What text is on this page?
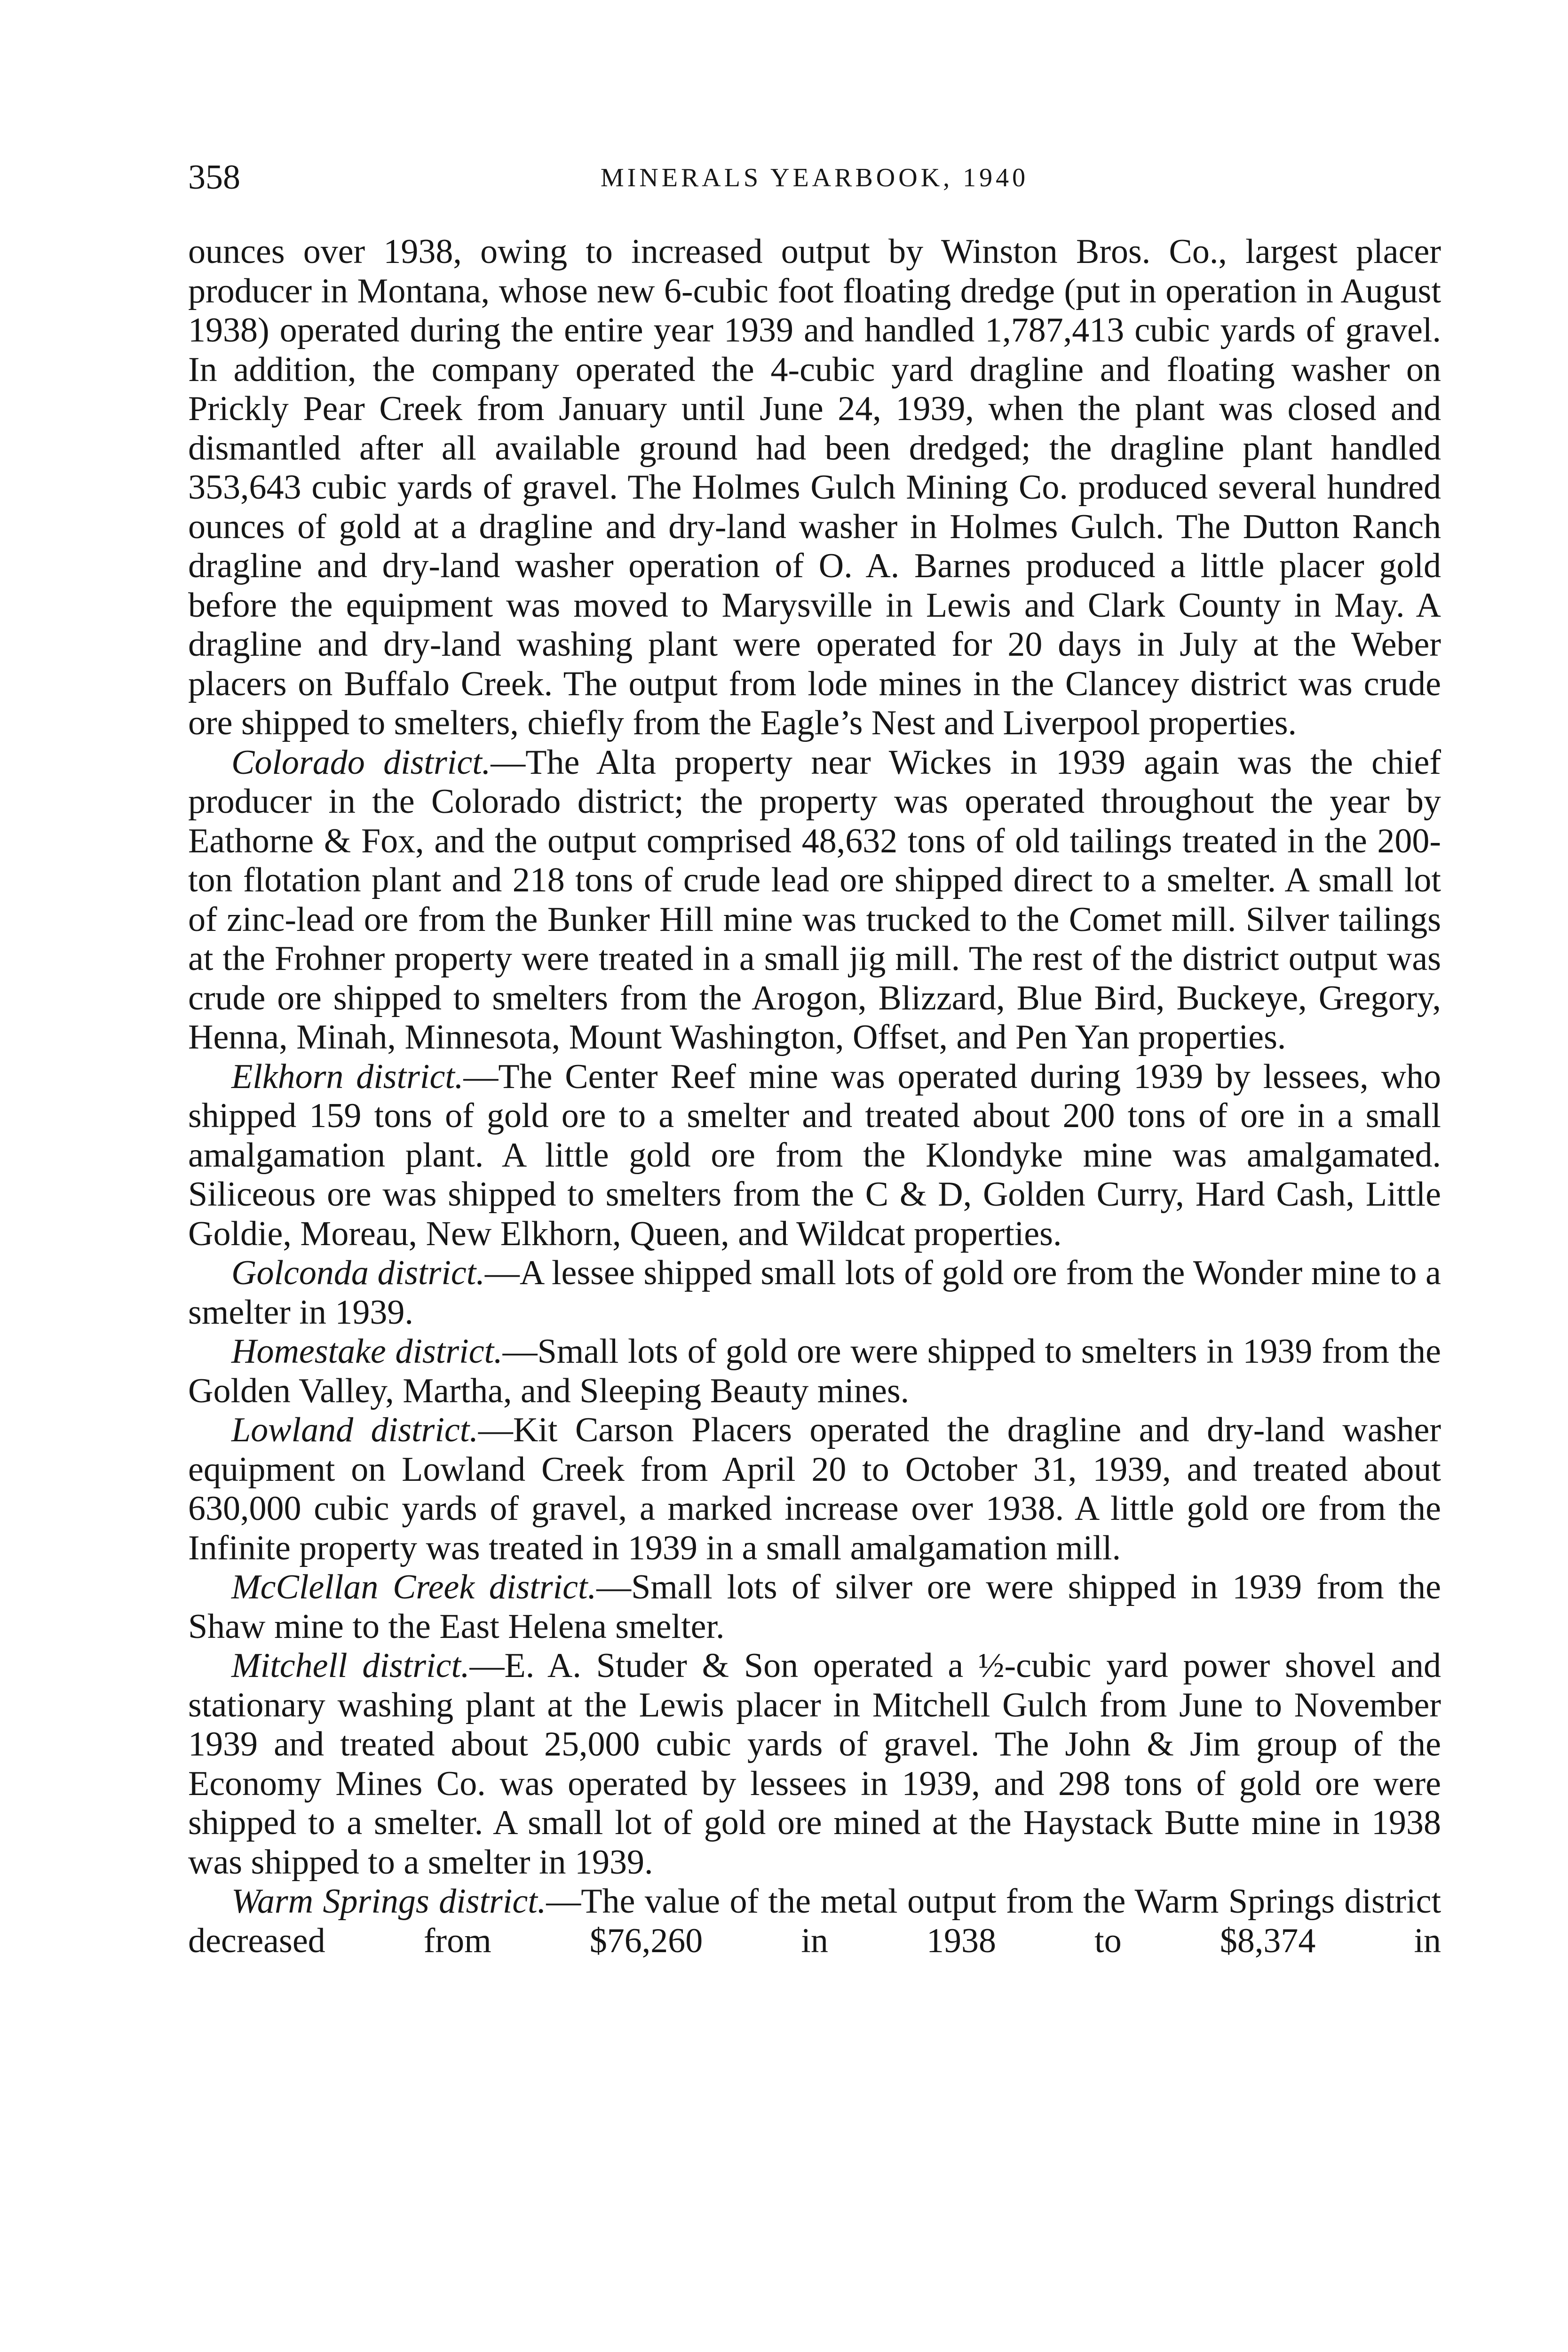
358	MINERALS YEARBOOK, 1940

ounces over 1938, owing to increased output by Winston Bros. Co., largest placer producer in Montana, whose new 6-cubic foot floating dredge (put in operation in August 1938) operated during the entire year 1939 and handled 1,787,413 cubic yards of gravel. In addition, the company operated the 4-cubic yard dragline and floating washer on Prickly Pear Creek from January until June 24, 1939, when the plant was closed and dismantled after all available ground had been dredged; the dragline plant handled 353,643 cubic yards of gravel. The Holmes Gulch Mining Co. produced several hundred ounces of gold at a dragline and dry-land washer in Holmes Gulch. The Dutton Ranch dragline and dry-land washer operation of O. A. Barnes produced a little placer gold before the equipment was moved to Marysville in Lewis and Clark County in May. A dragline and dry-land washing plant were operated for 20 days in July at the Weber placers on Buffalo Creek. The output from lode mines in the Clancey district was crude ore shipped to smelters, chiefly from the Eagle’s Nest and Liverpool properties.

Colorado district.—The Alta property near Wickes in 1939 again was the chief producer in the Colorado district; the property was operated throughout the year by Eathorne & Fox, and the output comprised 48,632 tons of old tailings treated in the 200-ton flotation plant and 218 tons of crude lead ore shipped direct to a smelter. A small lot of zinc-lead ore from the Bunker Hill mine was trucked to the Comet mill. Silver tailings at the Frohner property were treated in a small jig mill. The rest of the district output was crude ore shipped to smelters from the Arogon, Blizzard, Blue Bird, Buckeye, Gregory, Henna, Minah, Minnesota, Mount Washington, Offset, and Pen Yan properties.

Elkhorn district.—The Center Reef mine was operated during 1939 by lessees, who shipped 159 tons of gold ore to a smelter and treated about 200 tons of ore in a small amalgamation plant. A little gold ore from the Klondyke mine was amalgamated. Siliceous ore was shipped to smelters from the C & D, Golden Curry, Hard Cash, Little Goldie, Moreau, New Elkhorn, Queen, and Wildcat properties.

Golconda district.—A lessee shipped small lots of gold ore from the Wonder mine to a smelter in 1939.

Homestake district.—Small lots of gold ore were shipped to smelters in 1939 from the Golden Valley, Martha, and Sleeping Beauty mines.

Lowland district.—Kit Carson Placers operated the dragline and dry-land washer equipment on Lowland Creek from April 20 to October 31, 1939, and treated about 630,000 cubic yards of gravel, a marked increase over 1938. A little gold ore from the Infinite property was treated in 1939 in a small amalgamation mill.

McClellan Creek district.—Small lots of silver ore were shipped in 1939 from the Shaw mine to the East Helena smelter.

Mitchell district.—E. A. Studer & Son operated a ½-cubic yard power shovel and stationary washing plant at the Lewis placer in Mitchell Gulch from June to November 1939 and treated about 25,000 cubic yards of gravel. The John & Jim group of the Economy Mines Co. was operated by lessees in 1939, and 298 tons of gold ore were shipped to a smelter. A small lot of gold ore mined at the Haystack Butte mine in 1938 was shipped to a smelter in 1939.

Warm Springs district.—The value of the metal output from the Warm Springs district decreased from $76,260 in 1938 to $8,374 in
